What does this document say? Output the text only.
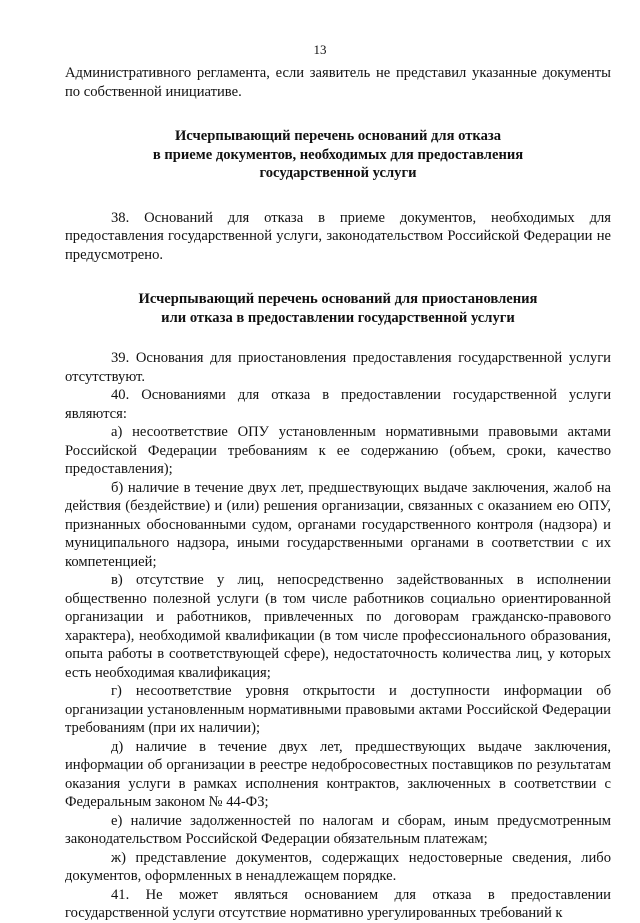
13

Административного регламента, если заявитель не представил указанные документы по собственной инициативе.

Исчерпывающий перечень оснований для отказа
в приеме документов, необходимых для предоставления
государственной услуги

38. Оснований для отказа в приеме документов, необходимых для предоставления государственной услуги, законодательством Российской Федерации не предусмотрено.

Исчерпывающий перечень оснований для приостановления
или отказа в предоставлении государственной услуги

39. Основания для приостановления предоставления государственной услуги отсутствуют.

40. Основаниями для отказа в предоставлении государственной услуги являются:

а) несоответствие ОПУ установленным нормативными правовыми актами Российской Федерации требованиям к ее содержанию (объем, сроки, качество предоставления);

б) наличие в течение двух лет, предшествующих выдаче заключения, жалоб на действия (бездействие) и (или) решения организации, связанных с оказанием ею ОПУ, признанных обоснованными судом, органами государственного контроля (надзора) и муниципального надзора, иными государственными органами в соответствии с их компетенцией;

в) отсутствие у лиц, непосредственно задействованных в исполнении общественно полезной услуги (в том числе работников социально ориентированной организации и работников, привлеченных по договорам гражданско-правового характера), необходимой квалификации (в том числе профессионального образования, опыта работы в соответствующей сфере), недостаточность количества лиц, у которых есть необходимая квалификация;

г) несоответствие уровня открытости и доступности информации об организации установленным нормативными правовыми актами Российской Федерации требованиям (при их наличии);

д) наличие в течение двух лет, предшествующих выдаче заключения, информации об организации в реестре недобросовестных поставщиков по результатам оказания услуги в рамках исполнения контрактов, заключенных в соответствии с Федеральным законом № 44-ФЗ;

е) наличие задолженностей по налогам и сборам, иным предусмотренным законодательством Российской Федерации обязательным платежам;

ж) представление документов, содержащих недостоверные сведения, либо документов, оформленных в ненадлежащем порядке.

41. Не может являться основанием для отказа в предоставлении государственной услуги отсутствие нормативно урегулированных требований к
